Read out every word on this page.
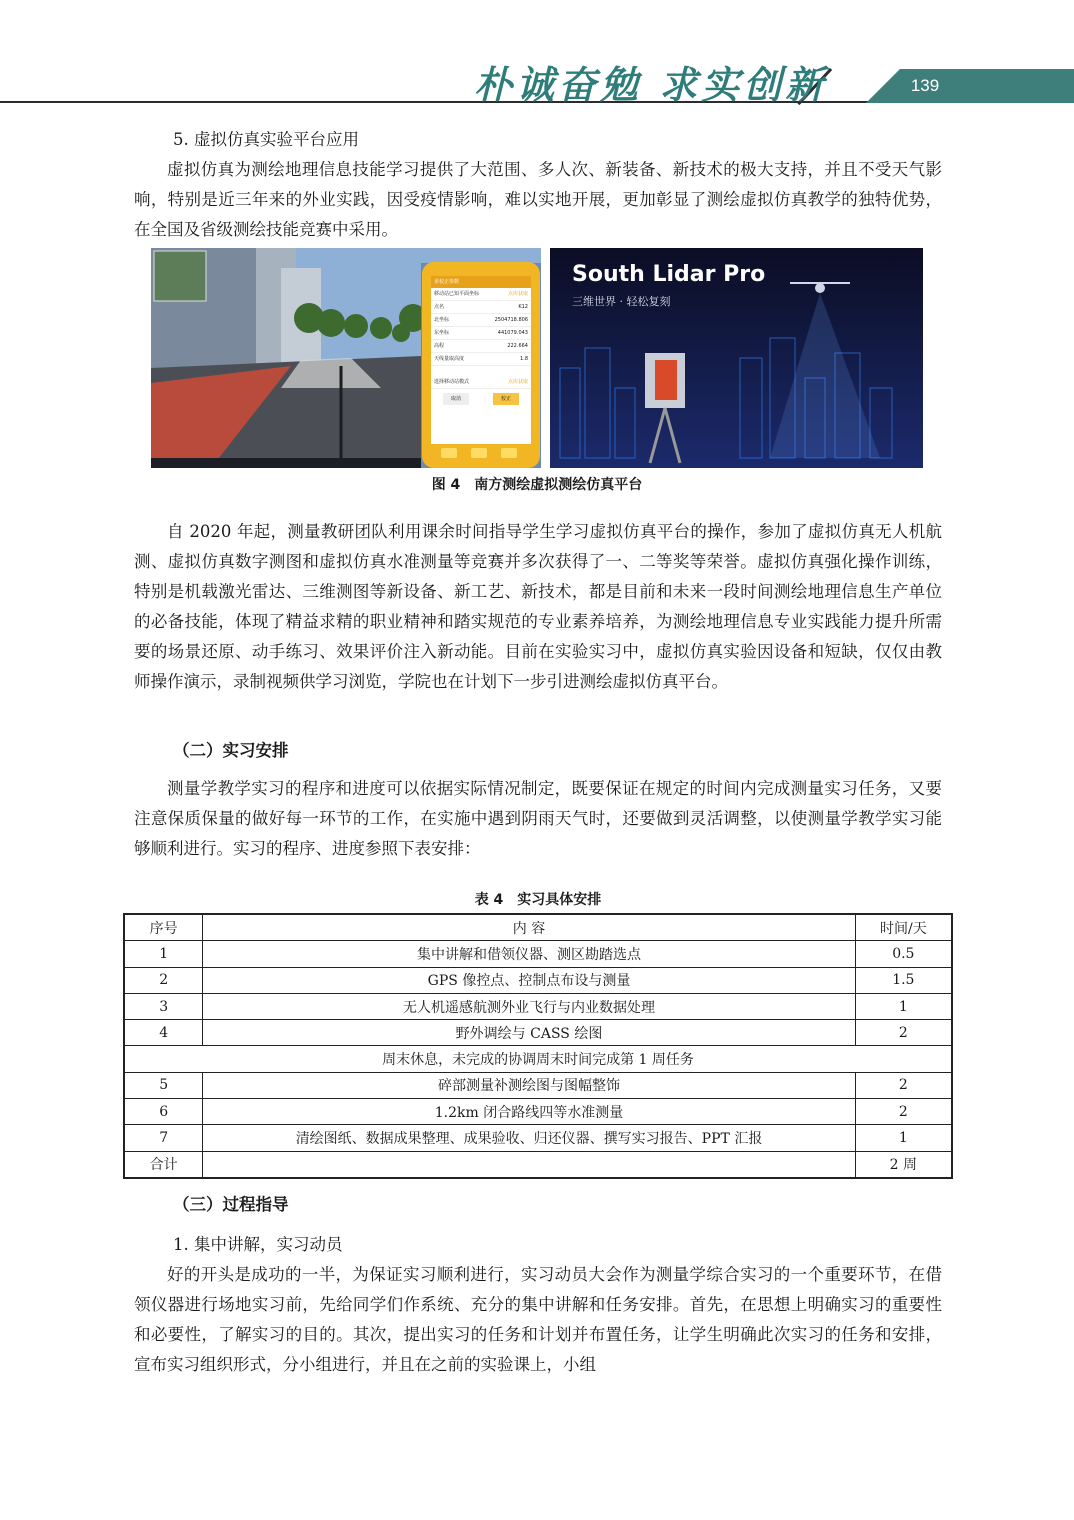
朴诚奋勉 求实创新	139
5. 虚拟仿真实验平台应用

虚拟仿真为测绘地理信息技能学习提供了大范围、多人次、新装备、新技术的极大支持，并且不受天气影响，特别是近三年来的外业实践，因受疫情影响，难以实地开展，更加彰显了测绘虚拟仿真教学的独特优势，在全国及省级测绘技能竞赛中采用。

求校正参数
移动站已知平面坐标	点库获取
点名	K12
北坐标	2504718.806
东坐标	441079.043
高程	222.664
天线量取高度	1.8
选择移动站模式	点库获取
取消	校正
South Lidar Pro
三维世界 · 轻松复刻
图 4　南方测绘虚拟测绘仿真平台

自 2020 年起，测量教研团队利用课余时间指导学生学习虚拟仿真平台的操作，参加了虚拟仿真无人机航测、虚拟仿真数字测图和虚拟仿真水准测量等竞赛并多次获得了一、二等奖等荣誉。虚拟仿真强化操作训练，特别是机载激光雷达、三维测图等新设备、新工艺、新技术，都是目前和未来一段时间测绘地理信息生产单位的必备技能，体现了精益求精的职业精神和踏实规范的专业素养培养，为测绘地理信息专业实践能力提升所需要的场景还原、动手练习、效果评价注入新动能。目前在实验实习中，虚拟仿真实验因设备和短缺，仅仅由教师操作演示，录制视频供学习浏览，学院也在计划下一步引进测绘虚拟仿真平台。

（二）实习安排

测量学教学实习的程序和进度可以依据实际情况制定，既要保证在规定的时间内完成测量实习任务，又要注意保质保量的做好每一环节的工作，在实施中遇到阴雨天气时，还要做到灵活调整，以使测量学教学实习能够顺利进行。实习的程序、进度参照下表安排：

表 4　实习具体安排
序号	内 容	时间/天
1	集中讲解和借领仪器、测区勘踏选点	0.5
2	GPS 像控点、控制点布设与测量	1.5
3	无人机遥感航测外业飞行与内业数据处理	1
4	野外调绘与 CASS 绘图	2
周末休息，未完成的协调周末时间完成第 1 周任务		
5	碎部测量补测绘图与图幅整饰	2
6	1.2km 闭合路线四等水准测量	2
7	清绘图纸、数据成果整理、成果验收、归还仪器、撰写实习报告、PPT 汇报	1
合计		2 周
（三）过程指导
1. 集中讲解，实习动员

好的开头是成功的一半，为保证实习顺利进行，实习动员大会作为测量学综合实习的一个重要环节，在借领仪器进行场地实习前，先给同学们作系统、充分的集中讲解和任务安排。首先，在思想上明确实习的重要性和必要性，了解实习的目的。其次，提出实习的任务和计划并布置任务，让学生明确此次实习的任务和安排，宣布实习组织形式，分小组进行，并且在之前的实验课上，小组
